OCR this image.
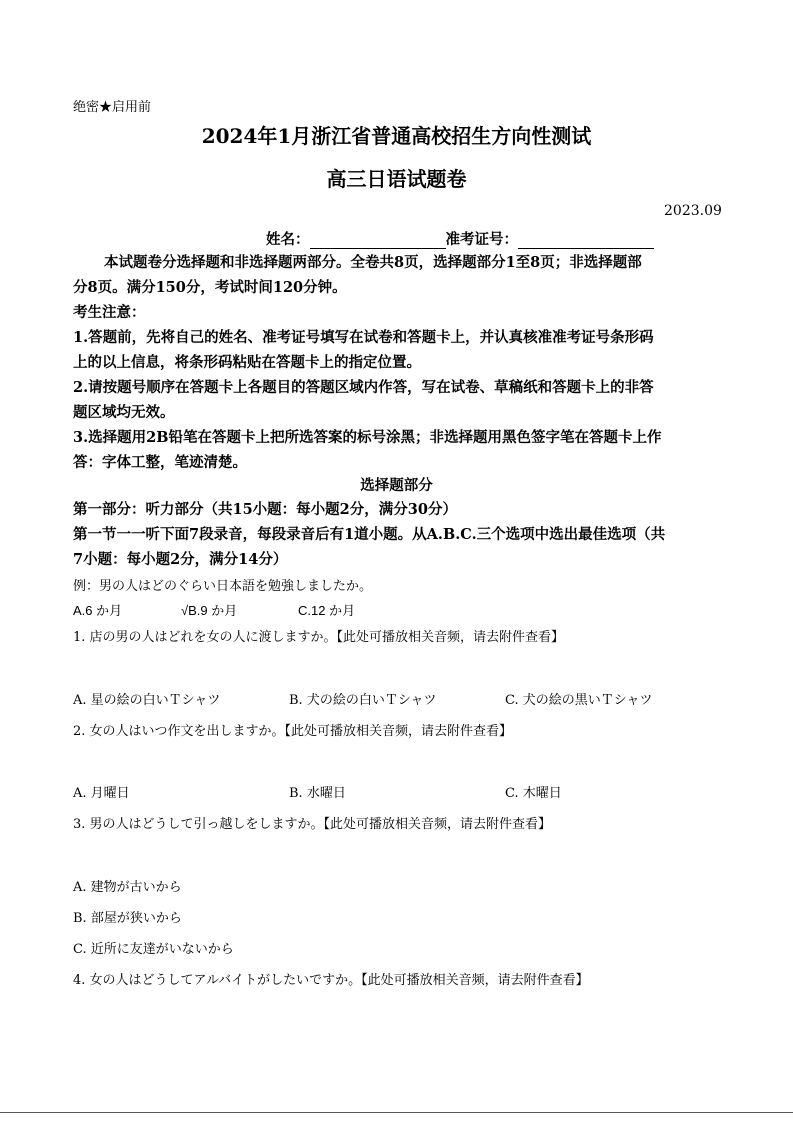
绝密★启用前
2024年1月浙江省普通高校招生方向性测试
高三日语试题卷
2023.09
姓名：	准考证号：
本试题卷分选择题和非选择题两部分。全卷共8页，选择题部分1至8页；非选择题部
分8页。满分150分，考试时间120分钟。
考生注意：
1.答题前，先将自己的姓名、准考证号填写在试卷和答题卡上，并认真核准准考证号条形码
上的以上信息，将条形码粘贴在答题卡上的指定位置。
2.请按题号顺序在答题卡上各题目的答题区域内作答，写在试卷、草稿纸和答题卡上的非答
题区域均无效。
3.选择题用2B铅笔在答题卡上把所选答案的标号涂黑；非选择题用黑色签字笔在答题卡上作
答：字体工整，笔迹清楚。
选择题部分
第一部分：听力部分（共15小题：每小题2分，满分30分）
第一节一一听下面7段录音，每段录音后有1道小题。从A.B.C.三个选项中选出最佳选项（共
7小题：每小题2分，满分14分）
例：男の人はどのぐらい日本語を勉強しましたか。
A.6 か月	√B.9 か月	C.12 か月
1. 店の男の人はどれを女の人に渡しますか。【此处可播放相关音频，请去附件查看】
A. 星の絵の白いＴシャツ	B. 犬の絵の白いＴシャツ	C. 犬の絵の黒いＴシャツ
2. 女の人はいつ作文を出しますか。【此处可播放相关音频，请去附件查看】
A. 月曜日	B. 水曜日	C. 木曜日
3. 男の人はどうして引っ越しをしますか。【此处可播放相关音频，请去附件查看】
A. 建物が古いから
B. 部屋が狭いから
C. 近所に友達がいないから
4. 女の人はどうしてアルバイトがしたいですか。【此处可播放相关音频，请去附件查看】
